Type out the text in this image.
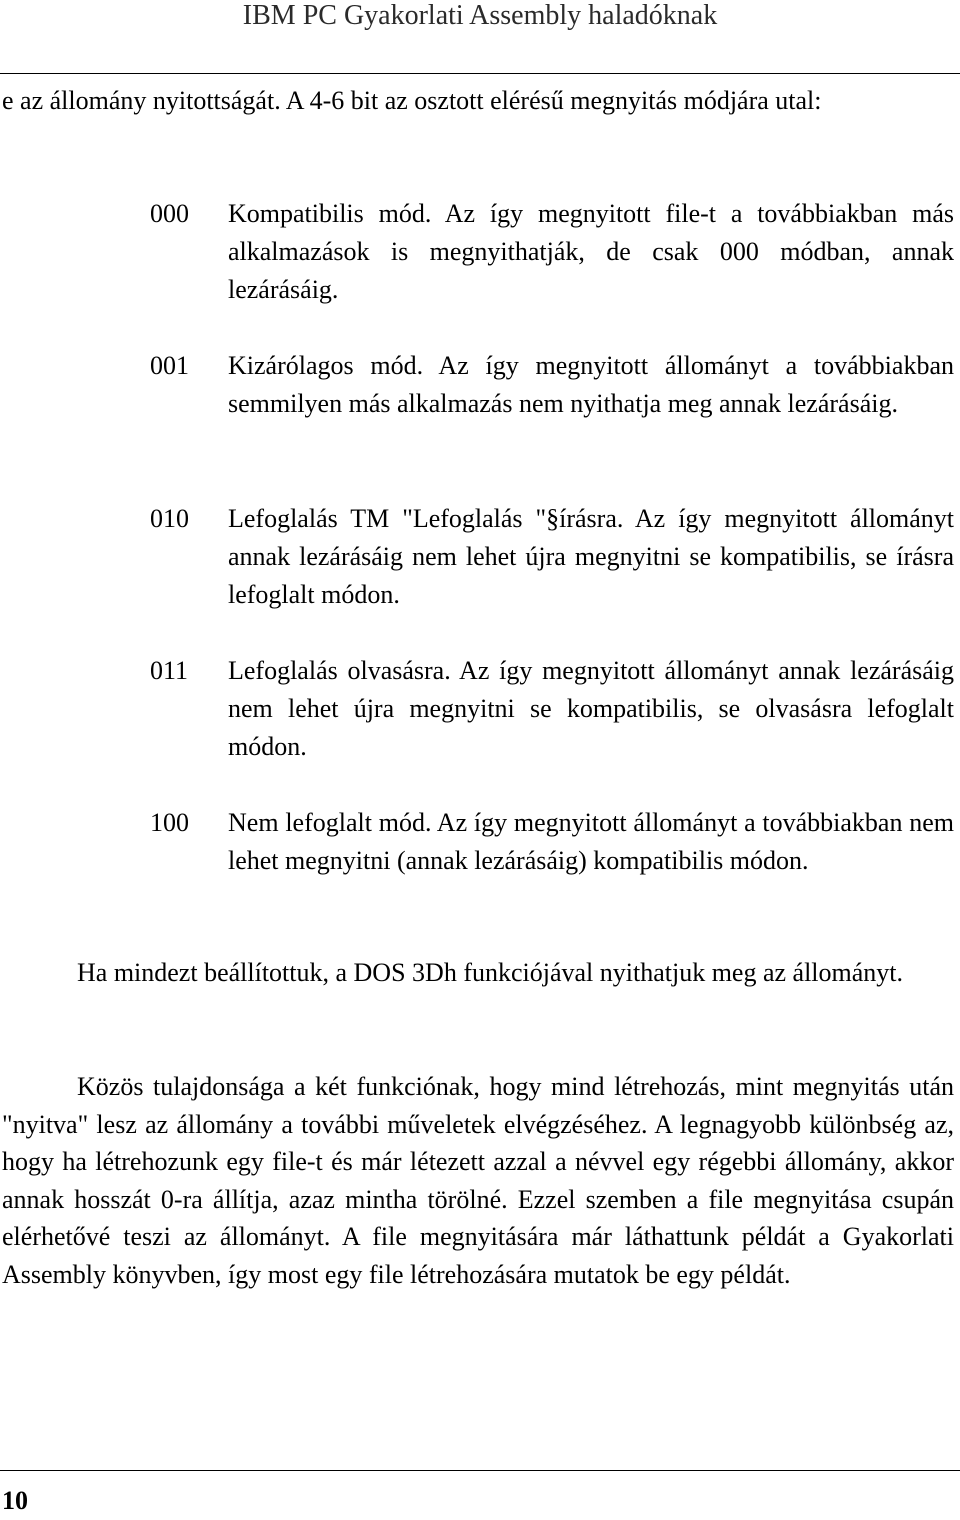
IBM PC Gyakorlati Assembly haladóknak

e az állomány nyitottságát. A 4-6 bit az osztott elérésű megnyitás módjára utal:

000	Kompatibilis mód. Az így megnyitott file-t a továbbiakban más alkalmazások is megnyithatják, de csak 000 módban, annak lezárásáig.
001	Kizárólagos mód. Az így megnyitott állományt a továbbiakban semmilyen más alkalmazás nem nyithatja meg annak lezárásáig.
010	Lefoglalás TM "Lefoglalás "§írásra. Az így megnyitott állományt annak lezárásáig nem lehet újra megnyitni se kompatibilis, se írásra lefoglalt módon.
011	Lefoglalás olvasásra. Az így megnyitott állományt annak lezárásáig nem lehet újra megnyitni se kompatibilis, se olvasásra lefoglalt módon.
100	Nem lefoglalt mód. Az így megnyitott állományt a továbbiakban nem lehet megnyitni (annak lezárásáig) kompatibilis módon.

Ha mindezt beállítottuk, a DOS 3Dh funkciójával nyithatjuk meg az állományt.

Közös tulajdonsága a két funkciónak, hogy mind létrehozás, mint megnyitás után "nyitva" lesz az állomány a további műveletek elvégzéséhez. A legnagyobb különbség az, hogy ha létrehozunk egy file-t és már létezett azzal a névvel egy régebbi állomány, akkor annak hosszát 0-ra állítja, azaz mintha törölné. Ezzel szemben a file megnyitása csupán elérhetővé teszi az állományt. A file megnyitására már láthattunk példát a Gyakorlati Assembly könyvben, így most egy file létrehozására mutatok be egy példát.

10
